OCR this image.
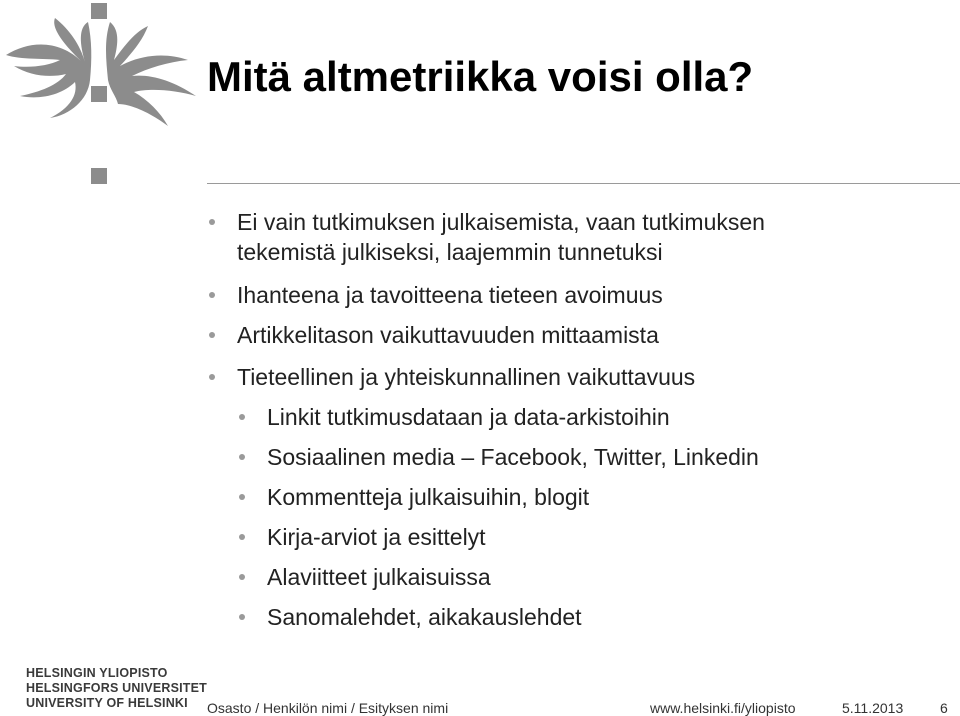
Mitä altmetriikka voisi olla?
Ei vain tutkimuksen julkaisemista, vaan tutkimuksen
tekemistä julkiseksi, laajemmin tunnetuksi
Ihanteena ja tavoitteena tieteen avoimuus
Artikkelitason vaikuttavuuden mittaamista
Tieteellinen ja yhteiskunnallinen vaikuttavuus
Linkit tutkimusdataan ja data-arkistoihin
Sosiaalinen media – Facebook, Twitter, Linkedin
Kommentteja julkaisuihin, blogit
Kirja-arviot ja esittelyt
Alaviitteet julkaisuissa
Sanomalehdet, aikakauslehdet
HELSINGIN YLIOPISTO
HELSINGFORS UNIVERSITET
UNIVERSITY OF HELSINKI	Osasto / Henkilön nimi / Esityksen nimi	www.helsinki.fi/yliopisto	5.11.2013	6
